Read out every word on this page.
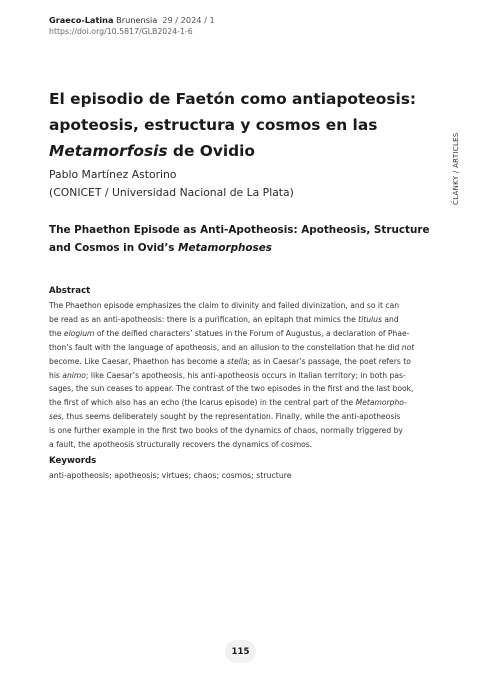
Graeco-Latina Brunensia 29 / 2024 / 1
https://doi.org/10.5817/GLB2024-1-6
El episodio de Faetón como antiapoteosis:
apoteosis, estructura y cosmos en las
Metamorfosis de Ovidio
Pablo Martínez Astorino
(CONICET / Universidad Nacional de La Plata)
The Phaethon Episode as Anti-Apotheosis: Apotheosis, Structure
and Cosmos in Ovid’s Metamorphoses
ČLÁNKY / ARTICLES
Abstract
The Phaethon episode emphasizes the claim to divinity and failed divinization, and so it can
be read as an anti-apotheosis: there is a purification, an epitaph that mimics the titulus and
the elogium of the deified characters’ statues in the Forum of Augustus, a declaration of Phae-
thon’s fault with the language of apotheosis, and an allusion to the constellation that he did not
become. Like Caesar, Phaethon has become a stella; as in Caesar’s passage, the poet refers to
his animo; like Caesar’s apotheosis, his anti-apotheosis occurs in Italian territory; in both pas-
sages, the sun ceases to appear. The contrast of the two episodes in the first and the last book,
the first of which also has an echo (the Icarus episode) in the central part of the Metamorpho-
ses, thus seems deliberately sought by the representation. Finally, while the anti-apotheosis
is one further example in the first two books of the dynamics of chaos, normally triggered by
a fault, the apotheosis structurally recovers the dynamics of cosmos.
Keywords
anti-apotheosis; apotheosis; virtues; chaos; cosmos; structure
115
